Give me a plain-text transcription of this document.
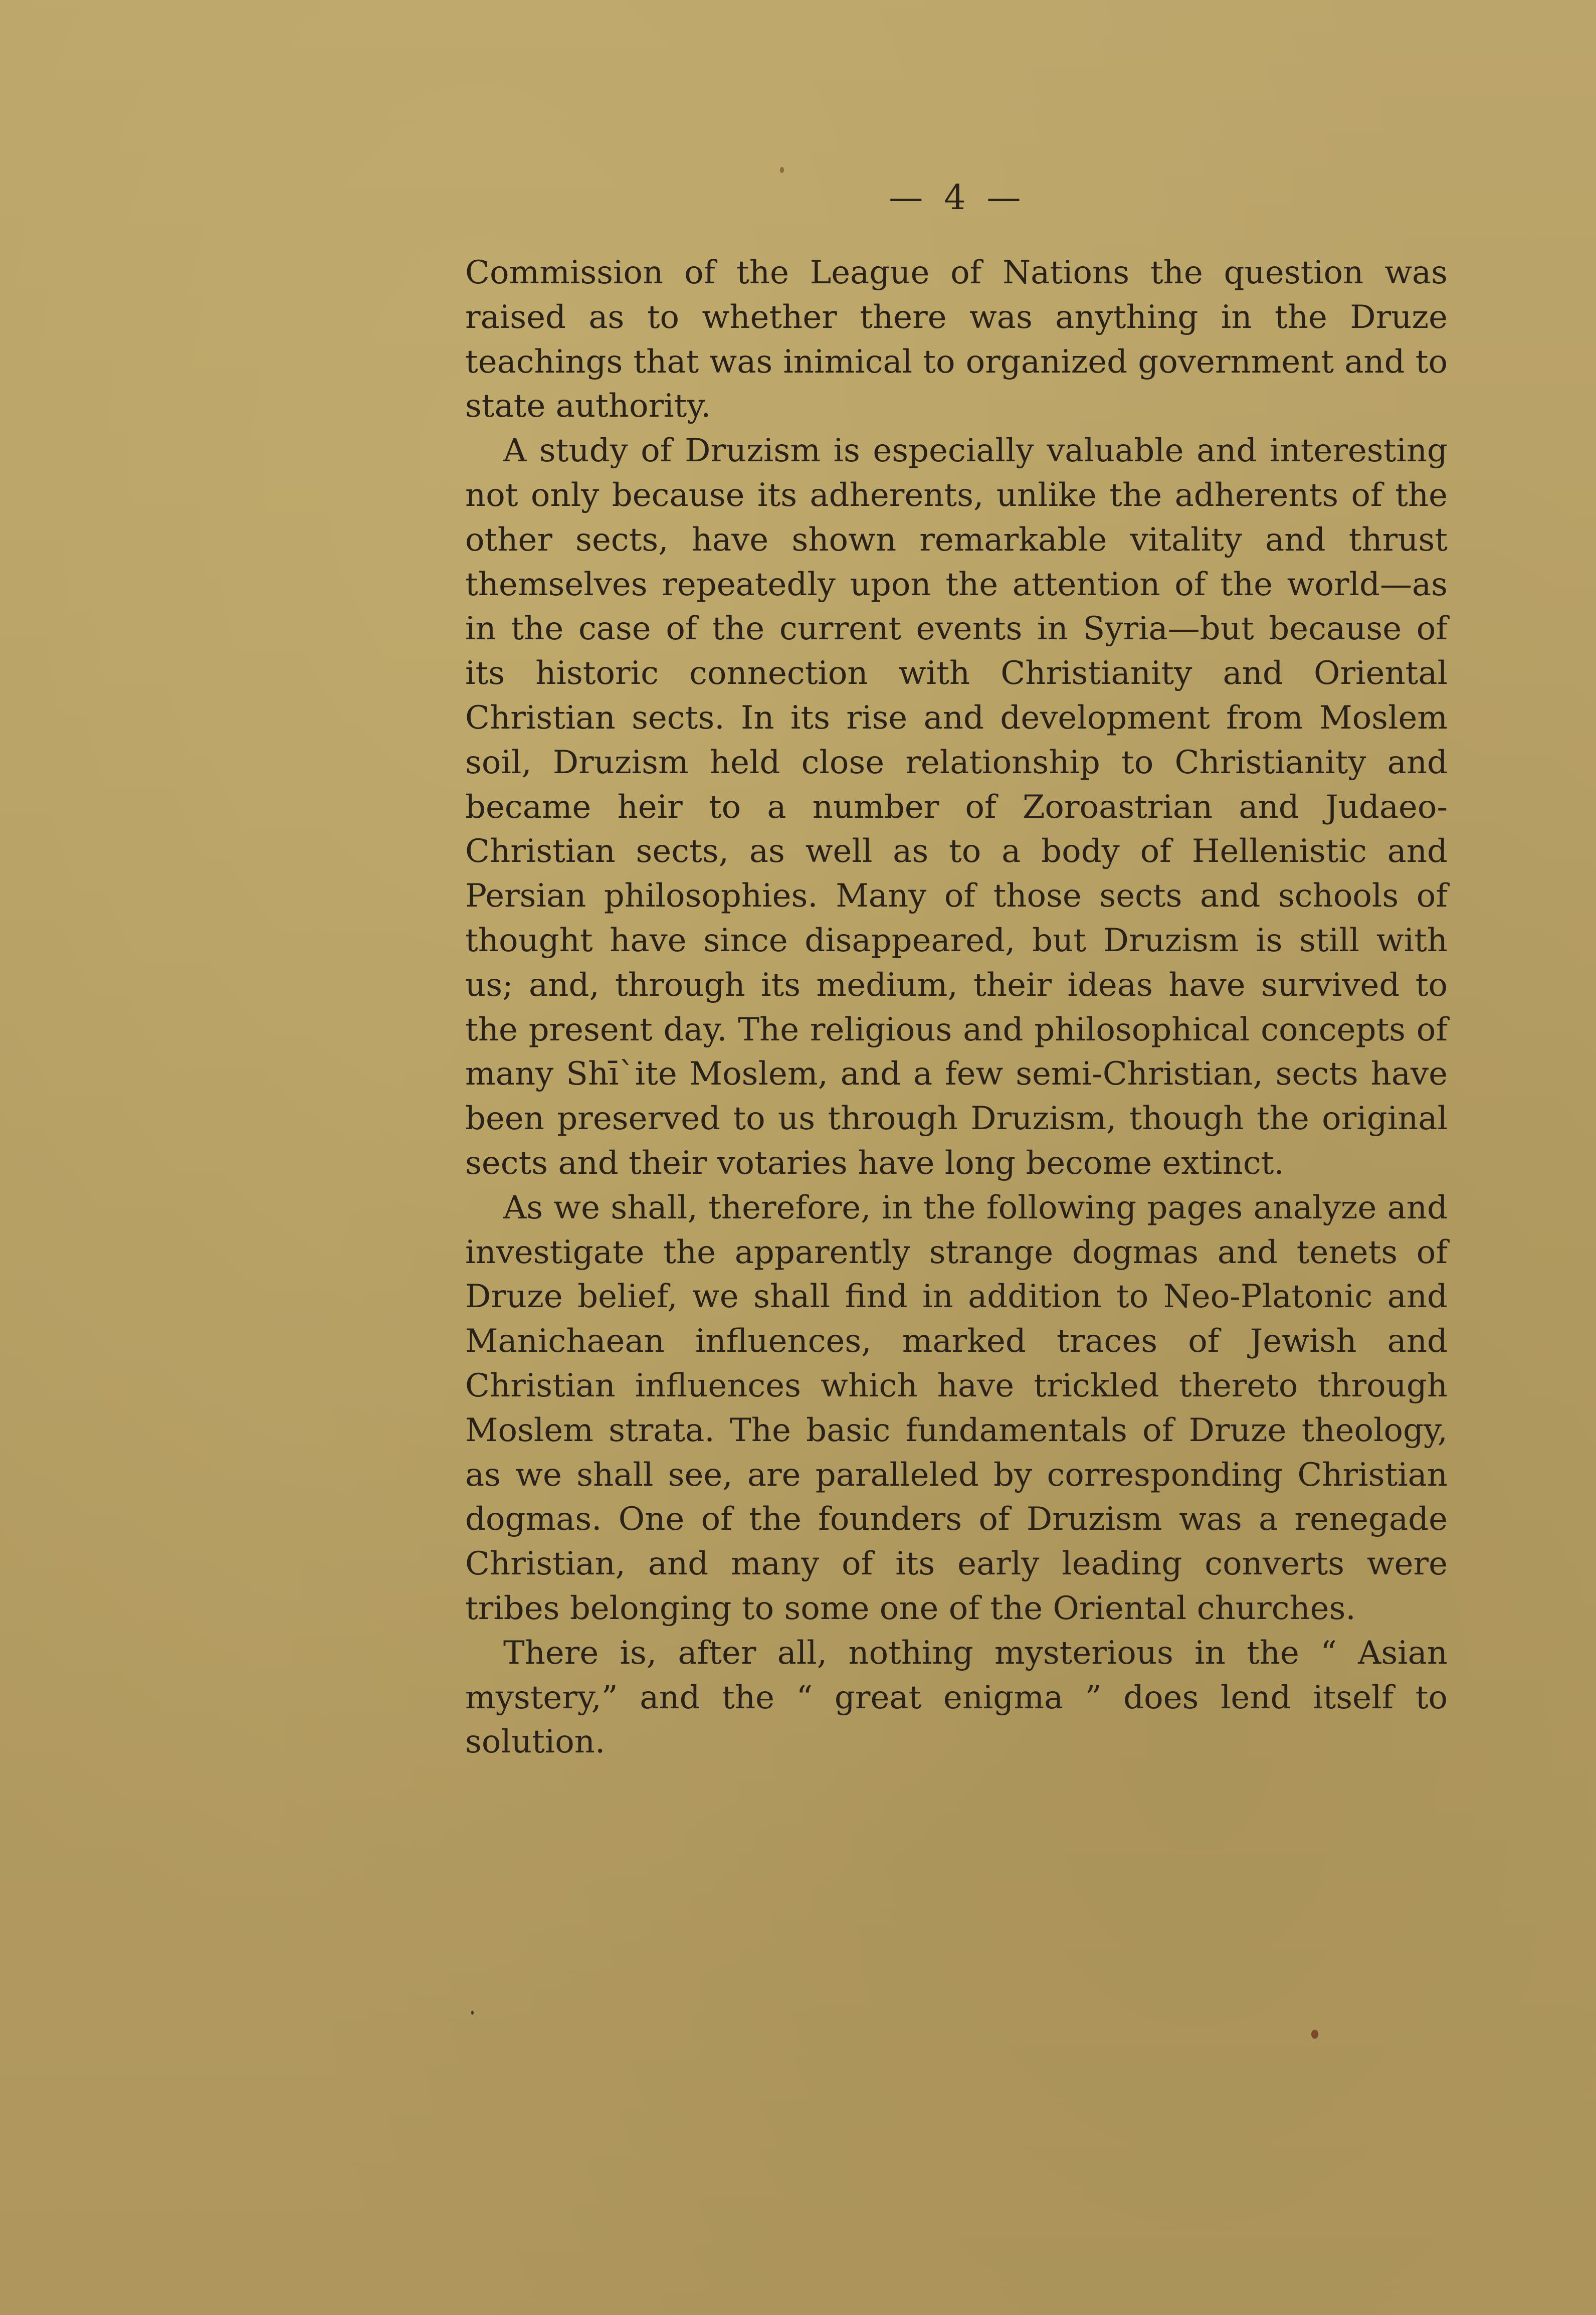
— 4 —

Commission of the League of Nations the question was raised as to whether there was anything in the Druze teachings that was inimical to organized government and to state authority.

A study of Druzism is especially valuable and interesting not only because its adherents, unlike the adherents of the other sects, have shown remarkable vitality and thrust themselves repeatedly upon the attention of the world—as in the case of the current events in Syria—but because of its historic connection with Christianity and Oriental Christian sects. In its rise and development from Moslem soil, Druzism held close relationship to Christianity and became heir to a number of Zoroastrian and Judaeo-Christian sects, as well as to a body of Hellenistic and Persian philosophies. Many of those sects and schools of thought have since disappeared, but Druzism is still with us; and, through its medium, their ideas have survived to the present day. The religious and philosophical concepts of many Shī`ite Moslem, and a few semi-Christian, sects have been preserved to us through Druzism, though the original sects and their votaries have long become extinct.

As we shall, therefore, in the following pages analyze and investigate the apparently strange dogmas and tenets of Druze belief, we shall find in addition to Neo-Platonic and Manichaean influences, marked traces of Jewish and Christian influences which have trickled thereto through Moslem strata. The basic fundamentals of Druze theology, as we shall see, are paralleled by corresponding Christian dogmas. One of the founders of Druzism was a renegade Christian, and many of its early leading converts were tribes belonging to some one of the Oriental churches.

There is, after all, nothing mysterious in the “ Asian mystery,” and the “ great enigma ” does lend itself to solution.
